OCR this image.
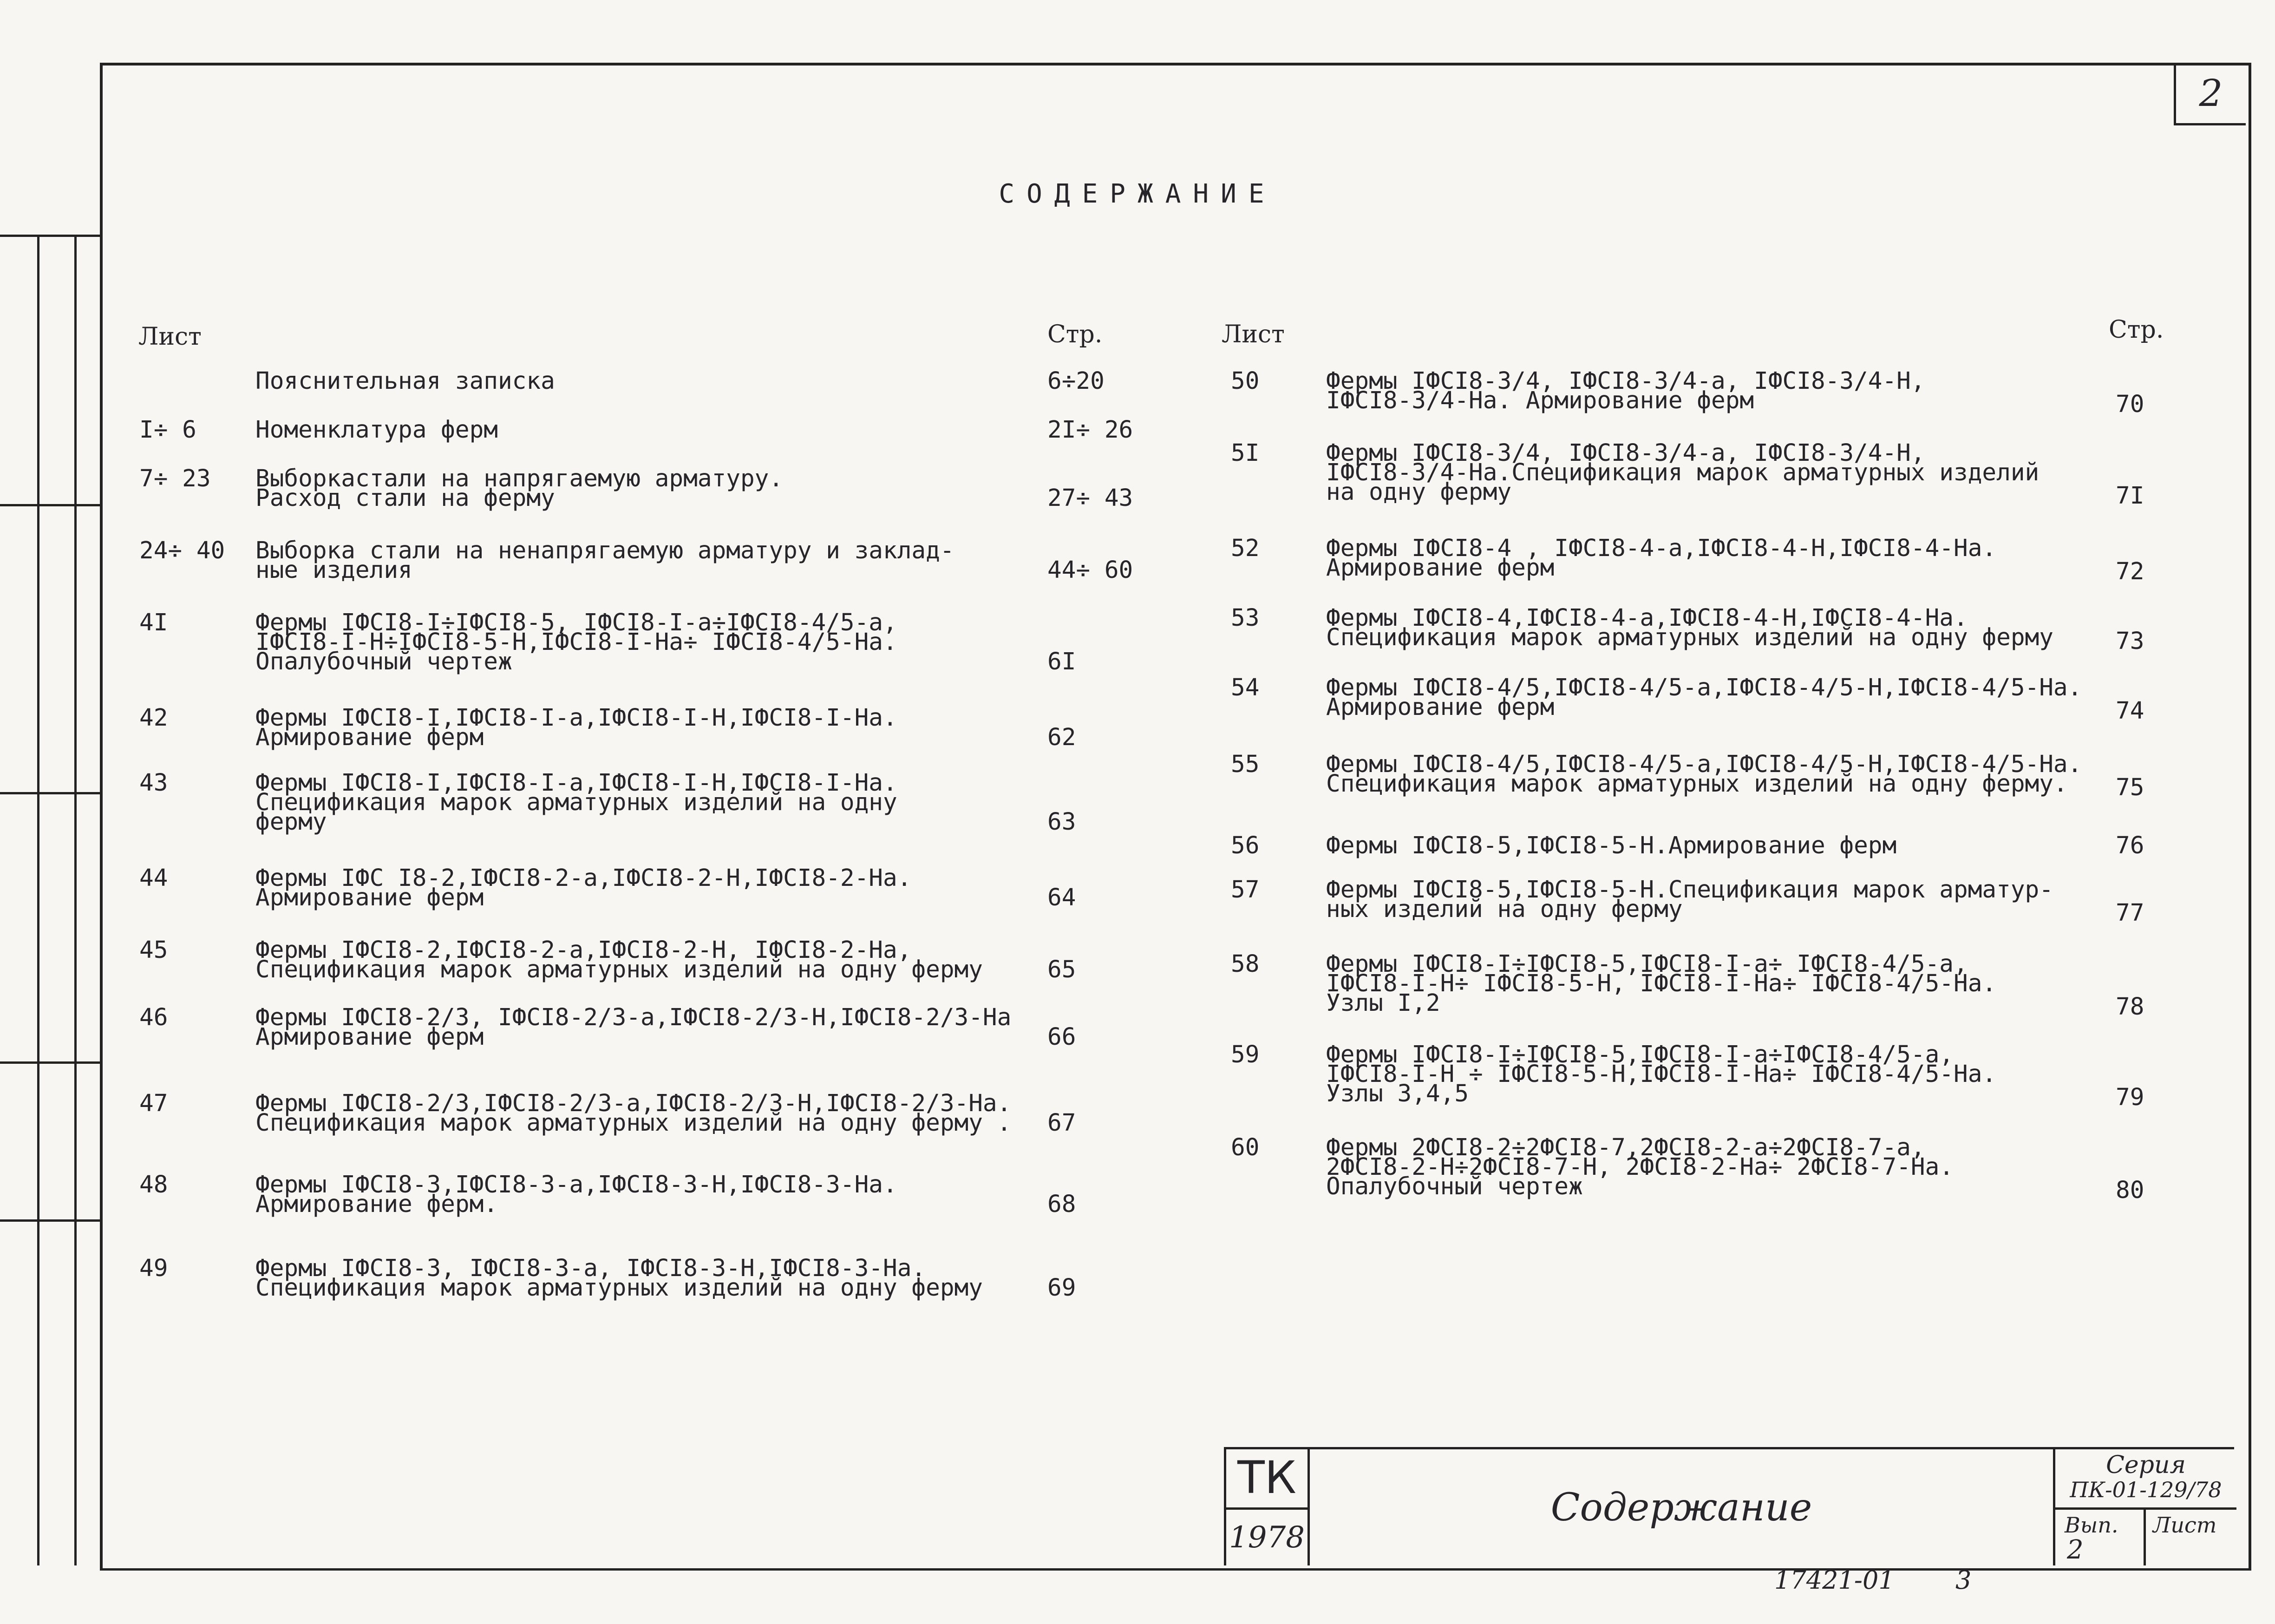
2
СОДЕРЖАНИЕ
Лист	Стр.	Лист	Стр.
Пояснительная записка	6÷20
I÷ 6 Номенклатура ферм	2I÷ 26
7÷ 23 Выборкастали на напрягаемую арматуру.
Расход стали на ферму	27÷ 43
24÷ 40 Выборка стали на ненапрягаемую арматуру и заклад-
ные изделия	44÷ 60
4I	Фермы IФСI8-I÷IФСI8-5, IФСI8-I-а÷IФСI8-4/5-а,
IФСI8-I-Н÷IФСI8-5-Н,IФСI8-I-На÷ IФСI8-4/5-На.
Опалубочный чертеж	6I
42	Фермы IФСI8-I,IФСI8-I-а,IФСI8-I-Н,IФСI8-I-На.
Армирование ферм	62
43	Фермы IФСI8-I,IФСI8-I-а,IФСI8-I-Н,IФСI8-I-На.
Спецификация марок арматурных изделий на одну
ферму	63
44	Фермы IФС I8-2,IФСI8-2-а,IФСI8-2-Н,IФСI8-2-На.
Армирование ферм	64
45	Фермы IФСI8-2,IФСI8-2-а,IФСI8-2-Н, IФСI8-2-На,
Спецификация марок арматурных изделий на одну ферму	65
46	Фермы IФСI8-2/3, IФСI8-2/3-а,IФСI8-2/3-Н,IФСI8-2/3-На
Армирование ферм	66
47	Фермы IФСI8-2/3,IФСI8-2/3-а,IФСI8-2/3-Н,IФСI8-2/3-На.
Спецификация марок арматурных изделий на одну ферму . 67
48	Фермы IФСI8-3,IФСI8-3-а,IФСI8-3-Н,IФСI8-3-На.
Армирование ферм.	68
49	Фермы IФСI8-3, IФСI8-3-а, IФСI8-3-Н,IФСI8-3-На.
Спецификация марок арматурных изделий на одну ферму	69
50	Фермы IФСI8-3/4, IФСI8-3/4-а, IФСI8-3/4-Н,
IФСI8-3/4-На. Армирование ферм	70
5I	Фермы IФСI8-3/4, IФСI8-3/4-а, IФСI8-3/4-Н,
IФСI8-3/4-На.Спецификация марок арматурных изделий
на одну ферму	7I
52	Фермы IФСI8-4 , IФСI8-4-а,IФСI8-4-Н,IФСI8-4-На.
Армирование ферм	72
53	Фермы IФСI8-4,IФСI8-4-а,IФСI8-4-Н,IФСI8-4-На.
Спецификация марок арматурных изделий на одну ферму	73
54	Фермы IФСI8-4/5,IФСI8-4/5-а,IФСI8-4/5-Н,IФСI8-4/5-На.
Армирование ферм	74
55	Фермы IФСI8-4/5,IФСI8-4/5-а,IФСI8-4/5-Н,IФСI8-4/5-На.
Спецификация марок арматурных изделий на одну ферму.	75
56	Фермы IФСI8-5,IФСI8-5-Н.Армирование ферм	76
57	Фермы IФСI8-5,IФСI8-5-Н.Спецификация марок арматур-
ных изделий на одну ферму	77
58	Фермы IФСI8-I÷IФСI8-5,IФСI8-I-а÷ IФСI8-4/5-а,
IФСI8-I-Н÷ IФСI8-5-Н, IФСI8-I-На÷ IФСI8-4/5-На.
Узлы I,2	78
59	Фермы IФСI8-I÷IФСI8-5,IФСI8-I-а÷IФСI8-4/5-а,
IФСI8-I-Н ÷ IФСI8-5-Н,IФСI8-I-На÷ IФСI8-4/5-На.
Узлы 3,4,5	79
60	Фермы 2ФСI8-2÷2ФСI8-7,2ФСI8-2-а÷2ФСI8-7-а,
2ФСI8-2-Н÷2ФСI8-7-Н, 2ФСI8-2-На÷ 2ФСI8-7-На.
Опалубочный чертеж	80
ТК
1978
Содержание
Серия
ПК-01-129/78
Вып.
2
Лист
17421-01 3
